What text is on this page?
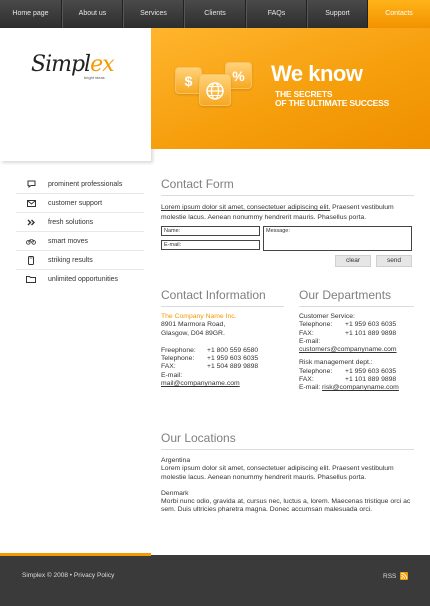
Home page	About us	Services	Clients	FAQs	Support	Contacts
Simplex
bright ideas	$	%	We know
THE SECRETS
OF THE ULTIMATE SUCCESS
prominent professionals
customer support
fresh solutions
smart moves
striking results
unlimited opportunities
Contact Form
Lorem ipsum dolor sit amet, consectetuer adipiscing elit. Praesent vestibulum molestie lacus. Aenean nonummy hendrerit mauris. Phasellus porta.
Name:
E-mail:
Message:
clear	send
Contact Information
The Company Name Inc.
8901 Marmora Road,
Glasgow, D04 89GR.
Freephone: +1 800 559 6580
Telephone: +1 959 603 6035
FAX:	+1 504 889 9898
E-mail:
mail@companyname.com
Our Departments
Customer Service:
Telephone: +1 959 603 6035
FAX:	+1 101 889 9898
E-mail:
customers@companyname.com
Risk management dept.:
Telephone: +1 959 603 6035
FAX:	+1 101 889 9898
E-mail: risk@companyname.com
Our Locations
Argentina
Lorem ipsum dolor sit amet, consectetuer adipiscing elit. Praesent vestibulum molestie lacus. Aenean nonummy hendrerit mauris. Phasellus porta.
Denmark
Morbi nunc odio, gravida at, cursus nec, luctus a, lorem. Maecenas tristique orci ac sem. Duis ultricies pharetra magna. Donec accumsan malesuada orci.
Simplex © 2008 • Privacy Policy	RSS
